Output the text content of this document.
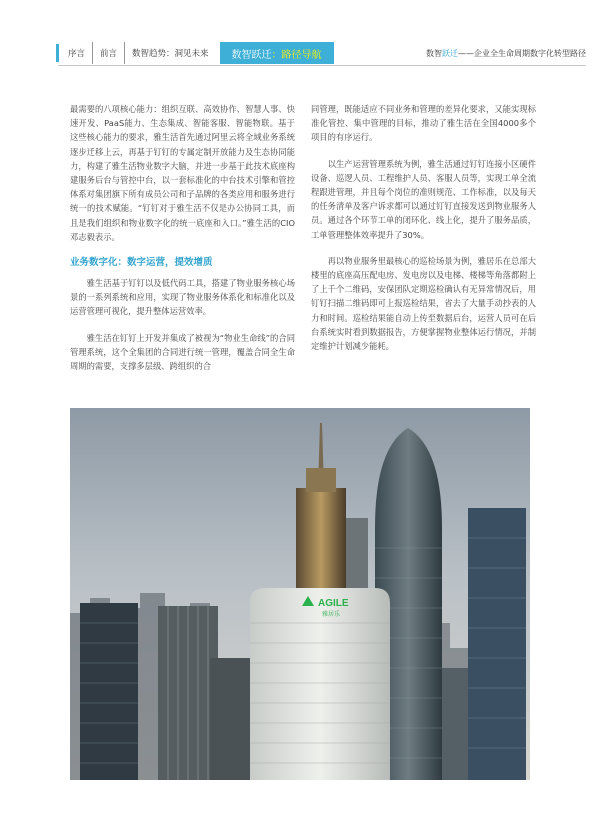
序言	前言	数智趋势：洞见未来	数智跃迁 ： 路径导航	数智 跃迁 ——企业全生命周期数字化转型路径

最需要的八项核心能力：组织互联、高效协作、智慧人事、快速开发、PaaS能力、生态集成、智能客服、智能物联。基于这些核心能力的要求，雅生活首先通过阿里云将全域业务系统逐步迁移上云，再基于钉钉的专属定制开放能力及生态协同能力，构建了雅生活物业数字大脑，并进一步基于此技术底座构建服务后台与管控中台，以一套标准化的中台技术引擎和管控体系对集团旗下所有成员公司和子品牌的各类应用和服务进行统一的技术赋能。“钉钉对于雅生活不仅是办公协同工具，而且是我们组织和物业数字化的统一底座和入口。”雅生活的CIO邓志毅表示。

业务数字化：数字运营，提效增质

雅生活基于钉钉以及低代码工具，搭建了物业服务核心场景的一系列系统和应用，实现了物业服务体系化和标准化以及运营管理可视化，提升整体运营效率。

雅生活在钉钉上开发并集成了被视为“物业生命线”的合同管理系统，这个全集团的合同进行统一管理，覆盖合同全生命周期的需要，支撑多层级、跨组织的合

同管理，既能适应不同业务和管理的差异化要求，又能实现标准化管控、集中管理的目标，推动了雅生活在全国4000多个项目的有序运行。

以生产运营管理系统为例，雅生活通过钉钉连接小区硬件设备、巡逻人员、工程维护人员、客服人员等，实现工单全流程跟进管理，并且每个岗位的准则规范、工作标准，以及每天的任务清单及客户诉求都可以通过钉钉直接发送到物业服务人员。通过各个环节工单的闭环化、线上化，提升了服务品质，工单管理整体效率提升了30%。

再以物业服务里最核心的巡检场景为例，雅居乐在总部大楼里的底座高压配电房、发电房以及电梯、楼梯等角落都附上了上千个二维码，安保团队定期巡检确认有无异常情况后，用钉钉扫描二维码即可上报巡检结果，省去了大量手动抄表的人力和时间。巡检结果能自动上传至数据后台，运营人员可在后台系统实时看到数据报告，方便掌握物业整体运行情况，并制定维护计划减少能耗。

AGILE
雅居乐
